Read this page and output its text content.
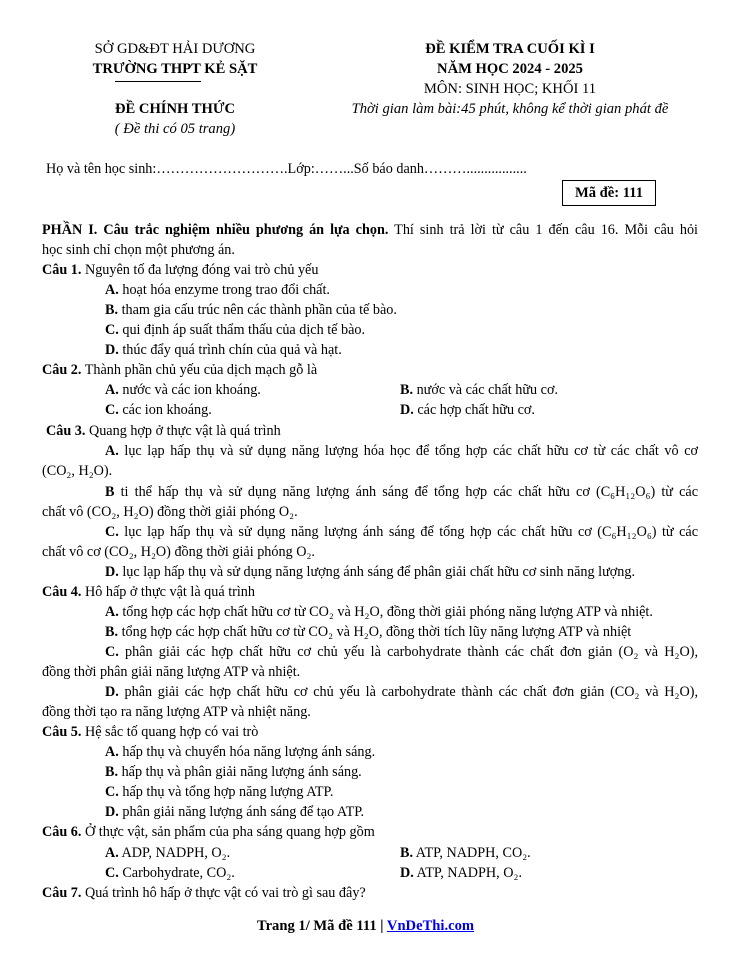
SỞ GD&ĐT HẢI DƯƠNG
TRƯỜNG THPT KẺ SẶT
ĐỀ CHÍNH THỨC
( Đề thi có 05 trang)
ĐỀ KIỂM TRA CUỐI KÌ I
NĂM HỌC 2024 - 2025
MÔN: SINH HỌC; KHỐI 11
Thời gian làm bài:45 phút, không kể thời gian phát đề
Họ và tên học sinh:……………………….Lớp:……...Số báo danh……….................
Mã đề: 111
PHẦN I. Câu trắc nghiệm nhiều phương án lựa chọn. Thí sinh trả lời từ câu 1 đến câu 16. Mỗi câu hỏi
học sinh chỉ chọn một phương án.
Câu 1. Nguyên tố đa lượng đóng vai trò chủ yếu
A. hoạt hóa enzyme trong trao đổi chất.
B. tham gia cấu trúc nên các thành phần của tế bào.
C. qui định áp suất thẩm thấu của dịch tế bào.
D. thúc đẩy quá trình chín của quả và hạt.
Câu 2. Thành phần chủ yếu của dịch mạch gỗ là
A. nước và các ion khoáng.	B. nước và các chất hữu cơ.
C. các ion khoáng.	D. các hợp chất hữu cơ.
Câu 3. Quang hợp ở thực vật là quá trình
A. lục lạp hấp thụ và sử dụng năng lượng hóa học để tổng hợp các chất hữu cơ từ các chất vô cơ
(CO₂, H₂O).
B ti thể hấp thụ và sử dụng năng lượng ánh sáng để tổng hợp các chất hữu cơ (C₆H₁₂O₆) từ các
chất vô (CO₂, H₂O) đồng thời giải phóng O₂.
C. lục lạp hấp thụ và sử dụng năng lượng ánh sáng để tổng hợp các chất hữu cơ (C₆H₁₂O₆) từ các
chất vô cơ (CO₂, H₂O) đồng thời giải phóng O₂.
D. lục lạp hấp thụ và sử dụng năng lượng ánh sáng để phân giải chất hữu cơ sinh năng lượng.
Câu 4. Hô hấp ở thực vật là quá trình
A. tổng hợp các hợp chất hữu cơ từ CO₂ và H₂O, đồng thời giải phóng năng lượng ATP và nhiệt.
B. tổng hợp các hợp chất hữu cơ từ CO₂ và H₂O, đồng thời tích lũy năng lượng ATP và nhiệt
C. phân giải các hợp chất hữu cơ chủ yếu là carbohydrate thành các chất đơn giản (O₂ và H₂O),
đồng thời phân giải năng lượng ATP và nhiệt.
D. phân giải các hợp chất hữu cơ chủ yếu là carbohydrate thành các chất đơn giản (CO₂ và H₂O),
đồng thời tạo ra năng lượng ATP và nhiệt năng.
Câu 5. Hệ sắc tố quang hợp có vai trò
A. hấp thụ và chuyển hóa năng lượng ánh sáng.
B. hấp thụ và phân giải năng lượng ánh sáng.
C. hấp thụ và tổng hợp năng lượng ATP.
D. phân giải năng lượng ánh sáng để tạo ATP.
Câu 6. Ở thực vật, sản phẩm của pha sáng quang hợp gồm
A. ADP, NADPH, O₂.	B. ATP, NADPH, CO₂.
C. Carbohydrate, CO₂.	D. ATP, NADPH, O₂.
Câu 7. Quá trình hô hấp ở thực vật có vai trò gì sau đây?
Trang 1/ Mã đề 111 | VnDeThi.com
